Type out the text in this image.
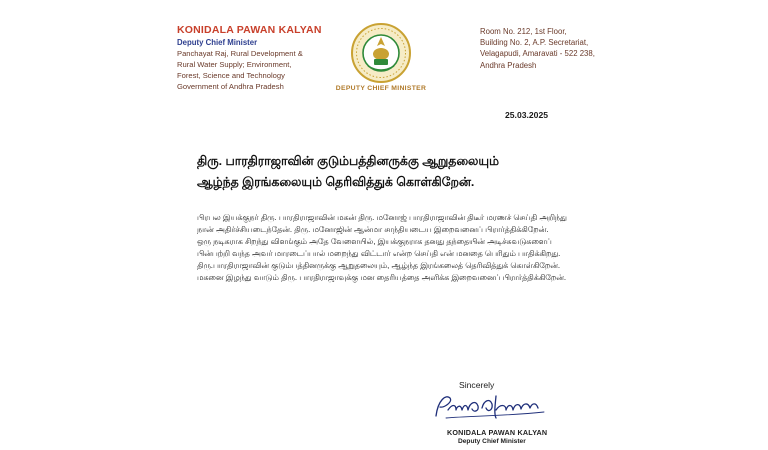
KONIDALA PAWAN KALYAN
Deputy Chief Minister
Panchayat Raj, Rural Development &
Rural Water Supply; Environment,
Forest, Science and Technology
Government of Andhra Pradesh	DEPUTY CHIEF MINISTER
Room No. 212, 1st Floor,
Building No. 2, A.P. Secretariat,
Velagapudi, Amaravati - 522 238,
Andhra Pradesh
25.03.2025
திரு. பாரதிராஜாவின் குடும்பத்தினருக்கு ஆறுதலையும்
ஆழ்ந்த இரங்கலையும் தெரிவித்துக் கொள்கிறேன்.

பிரபல இயக்குநர் திரு. பாரதிராஜாவின் மகன் திரு. மனோஜ் பாரதிராஜாவின் திடீர் மரணச் செய்தி அறிந்து நான் அதிர்ச்சியடைந்தேன். திரு. மனோஜின் ஆன்மா சாந்தியடைய இறைவனைப் பிரார்த்திக்கிறேன்.

ஒரு நடிகராக சிறந்து விளங்கும் அதே வேளையில், இயக்குநராக தனது தந்தையின் அடிச்சுவடுகளைப் பின்பற்றி வந்த அவர் மாரடைப்பால் மறைந்து விட்டார் என்ற செய்தி என் மனதை பெரிதும் பாதிக்கிறது.

திரு.பாரதிராஜாவின் குடும்பத்தினருக்கு ஆறுதலையும், ஆழ்ந்த இரங்கலைத் தெரிவித்துக் கொள்கிறேன். மகனை இழந்து வாடும் திரு. பாரதிராஜாவுக்கு மன தைரியத்தை அளிக்க இறைவனைப் பிரார்த்திக்கிறேன்.

Sincerely
KONIDALA PAWAN KALYAN
Deputy Chief Minister
